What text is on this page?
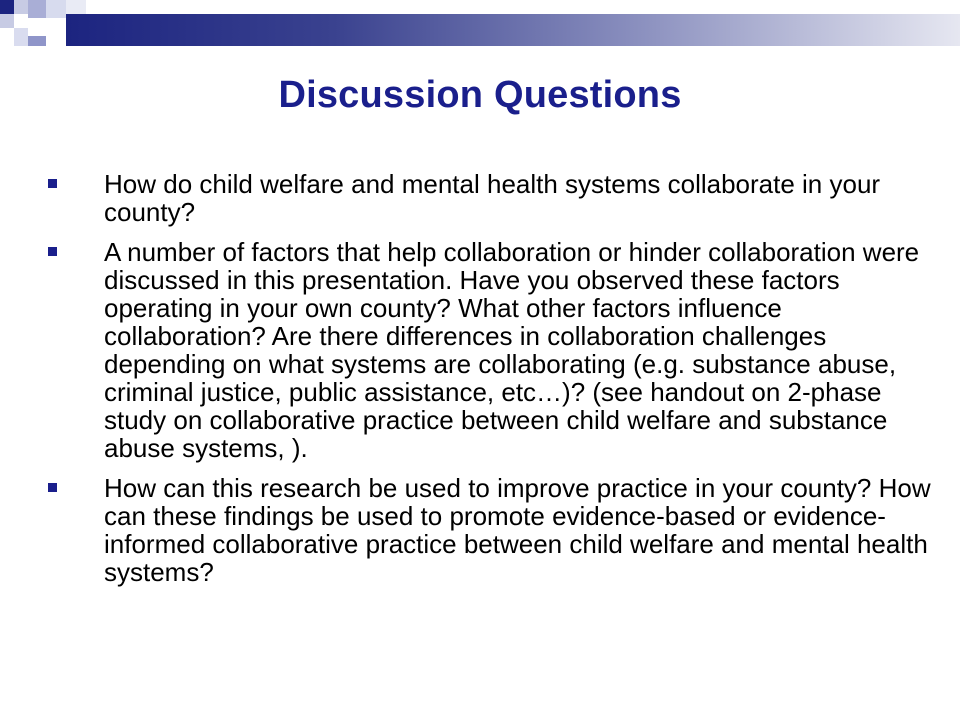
Discussion Questions
How do child welfare and mental health systems collaborate in your county?
A number of factors that help collaboration or hinder collaboration were discussed in this presentation. Have you observed these factors operating in your own county? What other factors influence collaboration? Are there differences in collaboration challenges depending on what systems are collaborating (e.g. substance abuse, criminal justice, public assistance, etc…)? (see handout on 2-phase study on collaborative practice between child welfare and substance abuse systems, ).
How can this research be used to improve practice in your county? How can these findings be used to promote evidence-based or evidence-informed collaborative practice between child welfare and mental health systems?
